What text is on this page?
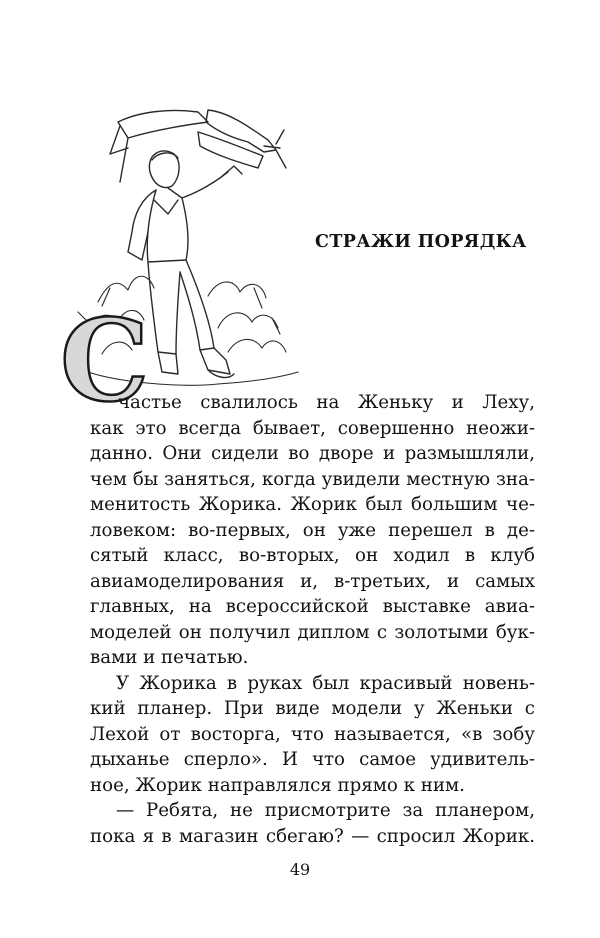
С
СТРАЖИ ПОРЯДКА
частье свалилось на Женьку и Леху,
как это всегда бывает, совершенно неожи-
данно. Они сидели во дворе и размышляли,
чем бы заняться, когда увидели местную зна-
менитость Жорика. Жорик был большим че-
ловеком: во-первых, он уже перешел в де-
сятый класс, во-вторых, он ходил в клуб
авиамоделирования и, в-третьих, и самых
главных, на всероссийской выставке авиа-
моделей он получил диплом с золотыми бук-
вами и печатью.
У Жорика в руках был красивый новень-
кий планер. При виде модели у Женьки с
Лехой от восторга, что называется, «в зобу
дыханье сперло». И что самое удивитель-
ное, Жорик направлялся прямо к ним.
— Ребята, не присмотрите за планером,
пока я в магазин сбегаю? — спросил Жорик.
49
